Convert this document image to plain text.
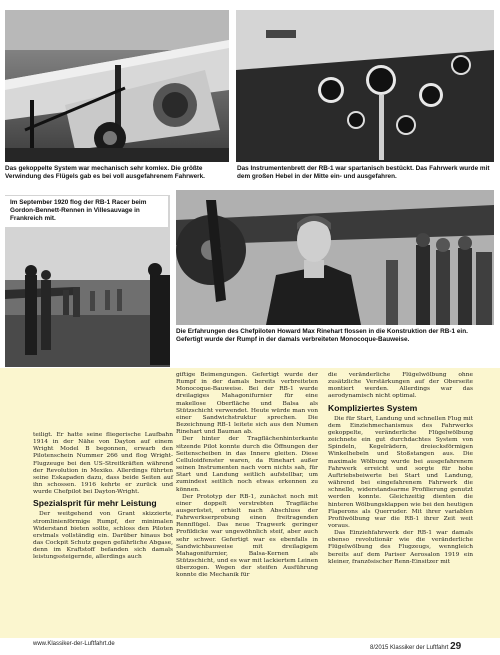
Das gekoppelte System war mechanisch sehr komlex. Die größte Verwindung des Flügels gab es bei voll ausgefahrenem Fahrwerk.
Das Instrumentenbrett der RB-1 war spartanisch bestückt. Das Fahrwerk wurde mit dem großen Hebel in der Mitte ein- und ausgefahren.
Im September 1920 flog der RB-1 Racer beim Gordon-Bennett-Rennen in Villesauvage in Frankreich mit.
Die Erfahrungen des Chefpiloten Howard Max Rinehart flossen in die Konstruktion der RB-1 ein. Gefertigt wurde der Rumpf in der damals verbreiteten Monocoque-Bauweise.

teiligt. Er hatte seine fliegerische Laufbahn 1914 in der Nähe von Dayton auf einem Wright Model B begonnen, erwarb den Pilotenschein Nummer 266 und flog Wright-Flugzeuge bei den US-Streitkräften während der Revolution in Mexiko. Allerdings führten seine Eskapaden dazu, dass beide Seiten auf ihn schossen. 1916 kehrte er zurück und wurde Chefpilot bei Dayton-Wright.

Spezialsprit für mehr Leistung

Der weitgehend von Grant skizzierte, stromlinienförmige Rumpf, der minimalen Widerstand bieten sollte, schloss den Piloten erstmals vollständig ein. Darüber hinaus bot das Cockpit Schutz gegen gefährliche Abgase, denn im Kraftstoff befanden sich damals leistungssteigernde, allerdings auch

giftige Beimengungen. Gefertigt wurde der Rumpf in der damals bereits verbreiteten Monocoque-Bauweise. Bei der RB-1 wurde dreilagiges Mahagonifurnier für eine makellose Oberfläche und Balsa als Stützschicht verwendet. Heute würde man von einer Sandwichstruktur sprechen. Die Bezeichnung RB-1 leitete sich aus den Numen Rinehart und Bauman ab.

Der hinter der Tragflächenhinterkante sitzende Pilot konnte durch die Öffnungen der Seitenscheiben in das Innere gleiten. Diese Celluloidfenster waren, da Rinehart außer seinen Instrumenten nach vorn nichts sah, für Start und Landung seitlich aufstellbar, um zumindest seitlich noch etwas erkennen zu können.

Der Prototyp der RB-1, zunächst noch mit einer doppelt verstrebten Tragfläche ausgerüstet, erhielt nach Abschluss der Fahrwerkserprobung einen freitragenden Rennflügel. Das neue Tragwerk geringer Profildicke war ungewöhnlich steif, aber auch sehr schwer. Gefertigt war es ebenfalls in Sandwichbauweise mit dreilagigem Mahagonifurnier, Balsa-Kernen als Stützschicht, und es war mit lackiertem Leinen überzogen. Wegen der steifen Ausführung konnte die Mechanik für

die veränderliche Flügelwölbung ohne zusätzliche Verstärkungen auf der Oberseite montiert werden. Allerdings war das aerodynamisch nicht optimal.

Kompliziertes System

Die für Start, Landung und schnellen Flug mit dem Einziehmechanismus des Fahrwerks gekoppelte, veränderliche Flügelwölbung zeichnete ein gut durchdachtes System von Spindeln, Kegelrädern, dreiecksförmigen Winkelhebeln und Stoßstangen aus. Die maximale Wölbung wurde bei ausgefahrenem Fahrwerk erreicht und sorgte für hohe Auftriebsbeiwerte bei Start und Landung, während bei eingefahrenem Fahrwerk die schnelle, widerstandsarme Profilierung genutzt werden konnte. Gleichzeitig dienten die hinteren Wölbungsklappen wie bei den heutigen Flaperons als Querruder. Mit ihrer variablen Profilwölbung war die RB-1 ihrer Zeit weit voraus.

Das Einziehfahrwerk der RB-1 war damals ebenso revolutionär wie die veränderliche Flügelwölbung des Flugzeugs, wenngleich bereits auf dem Pariser Aerosalon 1919 ein kleiner, französischer Renn-Einsitzer mit

www.Klassiker-der-Luftfahrt.de
8/2015 Klassiker der Luftfahrt 29
